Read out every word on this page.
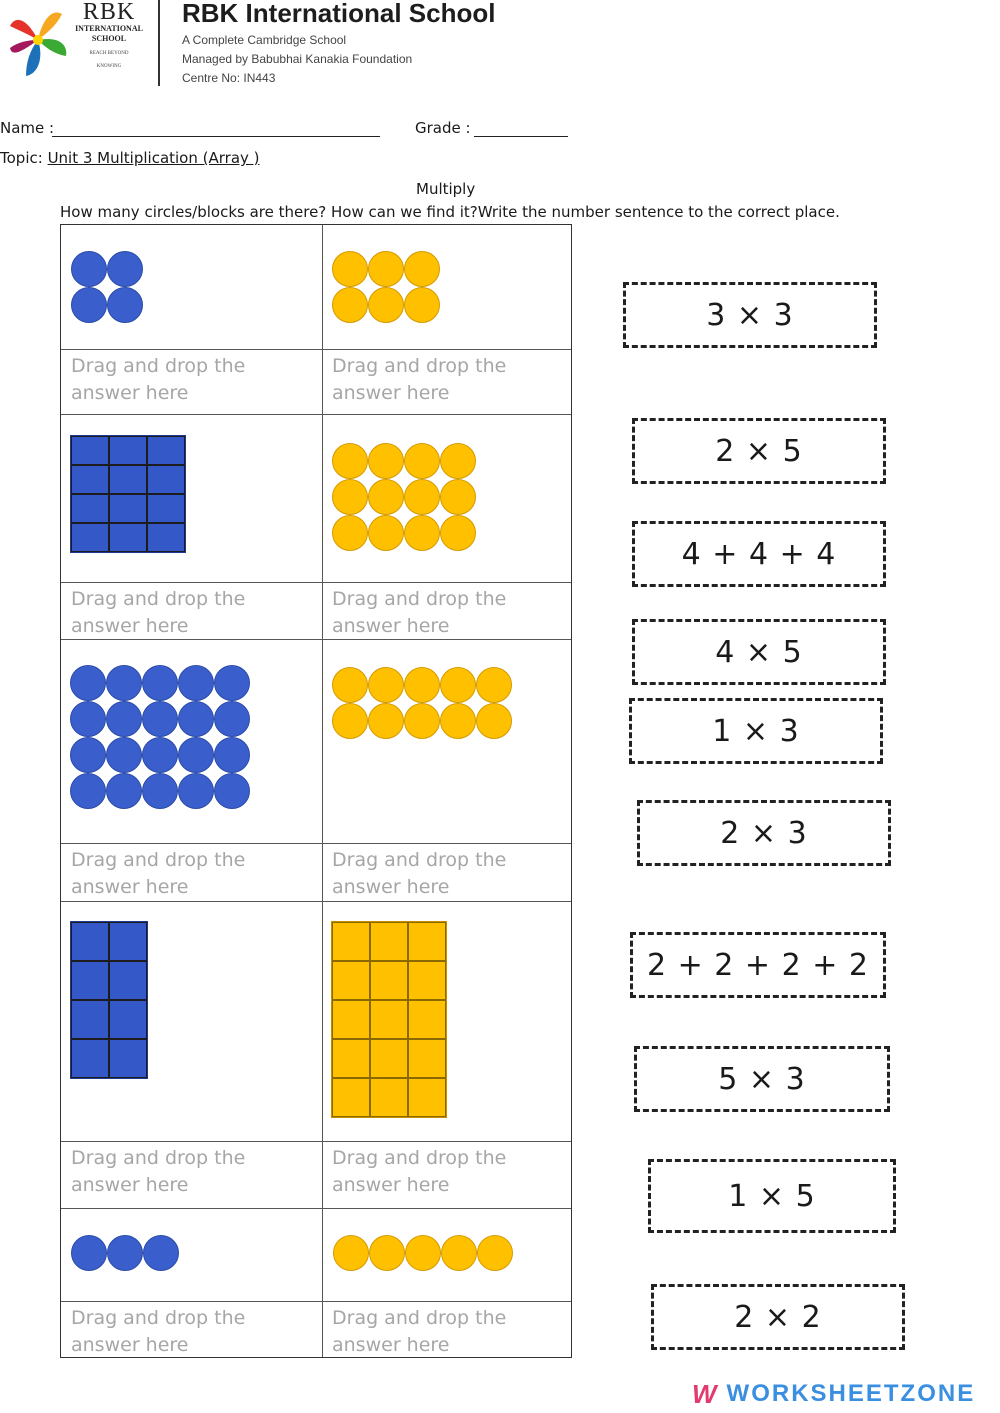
RBK
INTERNATIONAL
SCHOOL
REACH BEYOND
KNOWING
RBK International School
A Complete Cambridge School
Managed by Babubhai Kanakia Foundation
Centre No: IN443
Name :	Grade :
Topic: Unit 3 Multiplication (Array )
Multiply
How many circles/blocks are there? How can we find it?Write the number sentence to the correct place.
Drag and drop the answer here
Drag and drop the answer here
Drag and drop the answer here
Drag and drop the answer here
Drag and drop the answer here
Drag and drop the answer here
Drag and drop the answer here
Drag and drop the answer here
Drag and drop the answer here
Drag and drop the answer here
3 × 3
2 × 5
4 + 4 + 4
4 × 5
1 × 3
2 × 3
2 + 2 + 2 + 2
5 × 3
1 × 5
2 × 2
W WORKSHEETZONE
